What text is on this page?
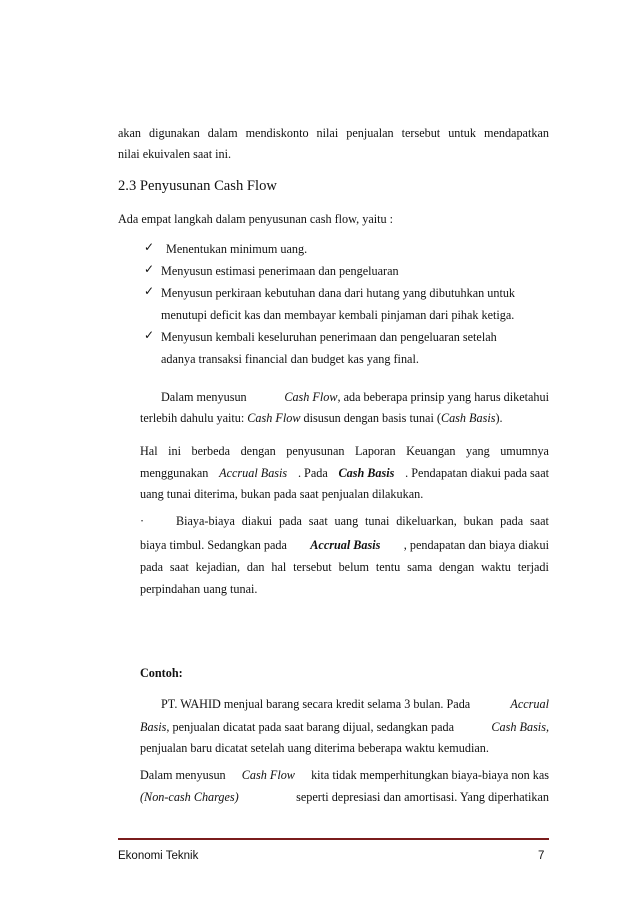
akan digunakan dalam mendiskonto nilai penjualan tersebut untuk mendapatkan
nilai ekuivalen saat ini.
2.3 Penyusunan Cash Flow
Ada empat langkah dalam penyusunan cash flow, yaitu :
✓ Menentukan minimum uang.
✓ Menyusun estimasi penerimaan dan pengeluaran
✓ Menyusun perkiraan kebutuhan dana dari hutang yang dibutuhkan untuk
menutupi deficit kas dan membayar kembali pinjaman dari pihak ketiga.
✓ Menyusun kembali keseluruhan penerimaan dan pengeluaran setelah
adanya transaksi financial dan budget kas yang final.
Dalam menyusun	Cash Flow, ada beberapa prinsip yang harus diketahui
terlebih dahulu yaitu: Cash Flow disusun dengan basis tunai (Cash Basis).
Hal ini berbeda dengan penyusunan Laporan Keuangan yang umumnya
menggunakan Accrual Basis . Pada Cash Basis . Pendapatan diakui pada saat
uang tunai diterima, bukan pada saat penjualan dilakukan.
·	Biaya-biaya diakui pada saat uang tunai dikeluarkan, bukan pada saat
biaya timbul. Sedangkan pada Accrual Basis , pendapatan dan biaya diakui
pada saat kejadian, dan hal tersebut belum tentu sama dengan waktu terjadi
perpindahan uang tunai.
Contoh:
PT. WAHID menjual barang secara kredit selama 3 bulan. Pada	Accrual
Basis, penjualan dicatat pada saat barang dijual, sedangkan pada	Cash Basis,
penjualan baru dicatat setelah uang diterima beberapa waktu kemudian.
Dalam menyusun Cash Flow kita tidak memperhitungkan biaya-biaya non kas
(Non-cash Charges)	seperti depresiasi dan amortisasi. Yang diperhatikan
Ekonomi Teknik	7
